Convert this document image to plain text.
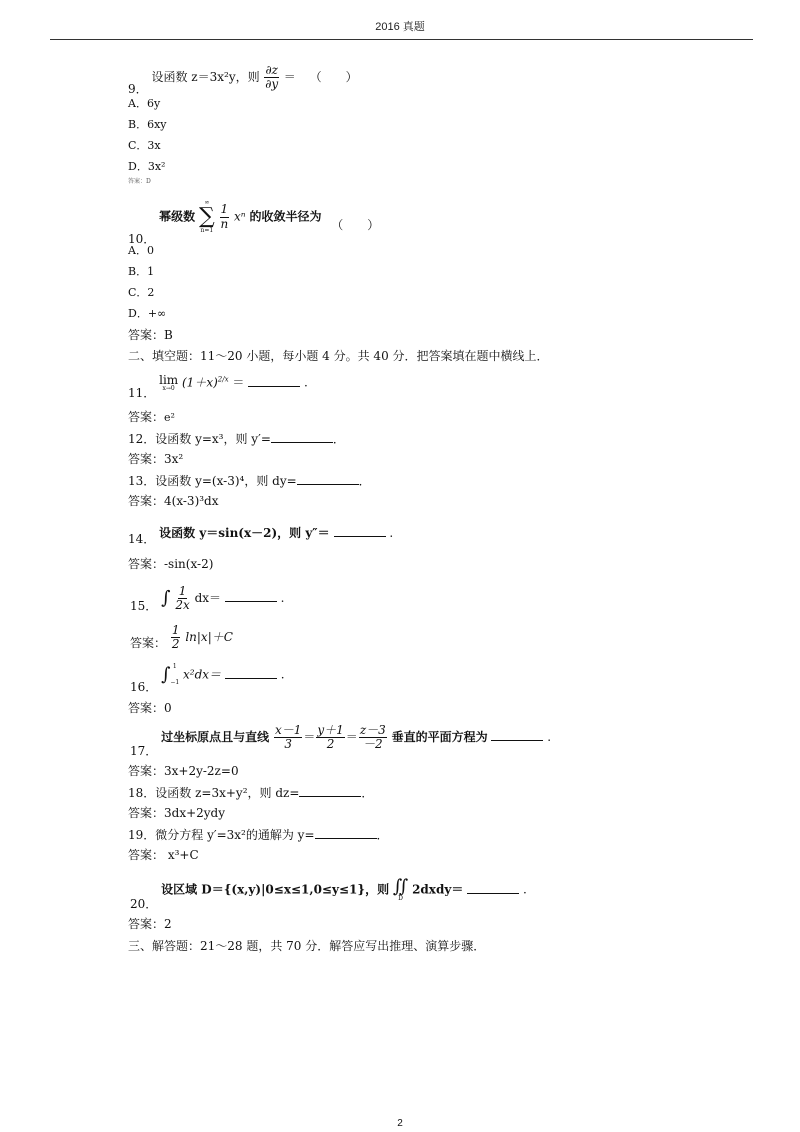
2016 真题
9． 设函数 z＝3x²y，则 $\frac{\partial z}{\partial y}$ ＝ （　　）
A．6y
B．6xy
C．3x
D．3x²
答案：D
10． 幂级数
∞
∑
n=1
$\frac{1}{n}$ xⁿ 的收敛半径为 （　　）
A．0
B．1
C．2
D．+∞
答案：B
二、填空题：11～20 小题，每小题 4 分。共 40 分．把答案填在题中横线上．
11．
lim
x→0 $(1+x)^{2/x}$ ＝	.
答案：e²
12．设函数 y=x³，则 y′=	．
答案：3x²
13．设函数 y=(x-3)⁴，则 dy=	．
答案：4(x-3)³dx
14． 设函数 y＝sin(x－2)，则 y″＝	.
答案：-sin(x-2)
15． ∫ $\frac{1}{2x} dx=$	.
答案： $\frac{1}{2} \ln|x|+C$
16． ∫ 1
−1
x²dx＝	.
答案：0
17． 过坐标原点且与直线 $\frac{x-1}{3} = \frac{y+1}{2} = \frac{z-3}{-2}$ 垂直的平面方程为	.
答案：3x+2y-2z=0
18．设函数 z=3x+y²，则 dz=	．
答案：3dx+2ydy
19．微分方程 y′=3x²的通解为 y=	．
答案： x³+C
20． 设区域 D＝{(x,y)|0≤x≤1,0≤y≤1}，则 ∬
D
2dxdy＝	.
答案：2
三、解答题：21～28 题，共 70 分．解答应写出推理、演算步骤．
2
